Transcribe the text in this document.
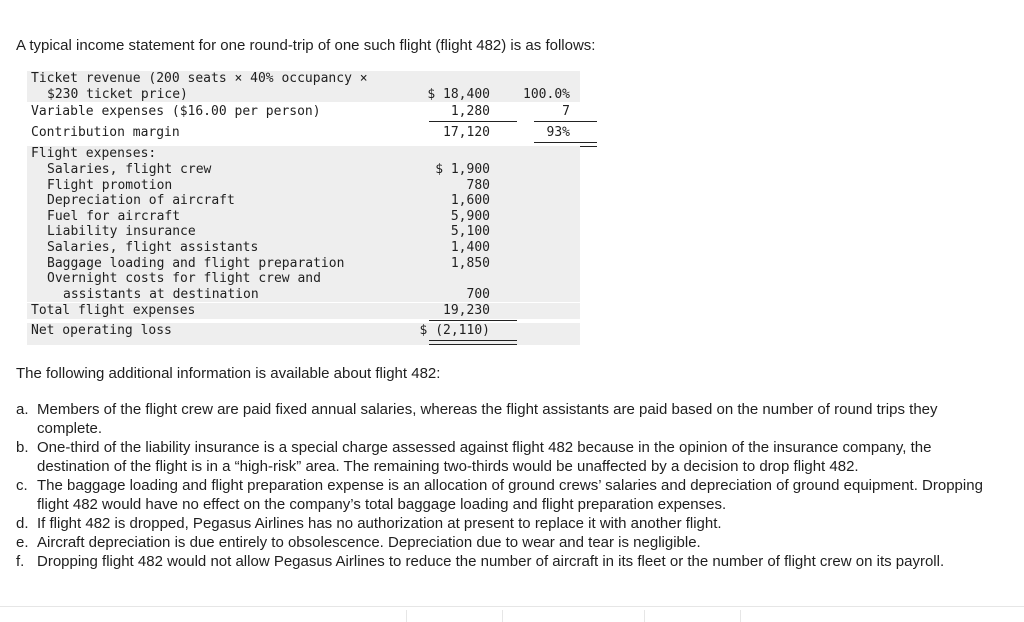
A typical income statement for one round-trip of one such flight (flight 482) is as follows:
Ticket revenue (200 seats × 40% occupancy ×
$230 ticket price)	$ 18,400	100.0%
Variable expenses ($16.00 per person)	1,280	7
Contribution margin	17,120	93%
Flight expenses:
Salaries, flight crew	$ 1,900
Flight promotion	780
Depreciation of aircraft	1,600
Fuel for aircraft	5,900
Liability insurance	5,100
Salaries, flight assistants	1,400
Baggage loading and flight preparation	1,850
Overnight costs for flight crew and
assistants at destination	700
Total flight expenses	19,230
Net operating loss	$ (2,110)
The following additional information is available about flight 482:
a. Members of the flight crew are paid fixed annual salaries, whereas the flight assistants are paid based on the number of round trips they complete.
b. One-third of the liability insurance is a special charge assessed against flight 482 because in the opinion of the insurance company, the destination of the flight is in a “high-risk” area. The remaining two-thirds would be unaffected by a decision to drop flight 482.
c. The baggage loading and flight preparation expense is an allocation of ground crews’ salaries and depreciation of ground equipment. Dropping flight 482 would have no effect on the company’s total baggage loading and flight preparation expenses.
d. If flight 482 is dropped, Pegasus Airlines has no authorization at present to replace it with another flight.
e. Aircraft depreciation is due entirely to obsolescence. Depreciation due to wear and tear is negligible.
f. Dropping flight 482 would not allow Pegasus Airlines to reduce the number of aircraft in its fleet or the number of flight crew on its payroll.
